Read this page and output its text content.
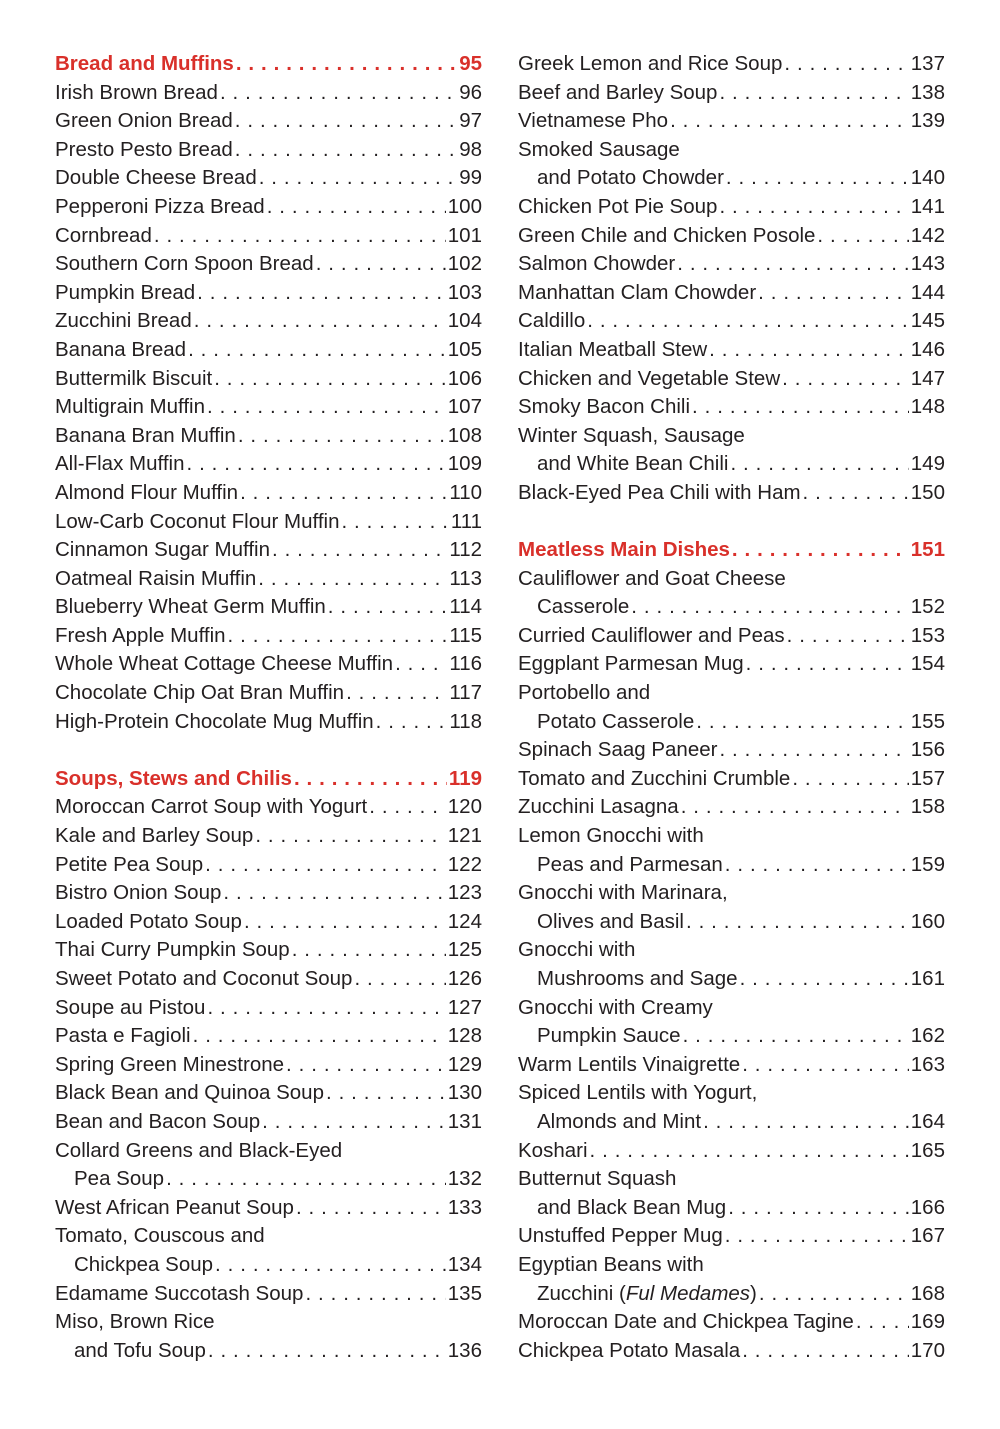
Bread and Muffins . . .	95
Irish Brown Bread . . .	96
Green Onion Bread . . .	97
Presto Pesto Bread . . .	98
Double Cheese Bread . . .	99
Pepperoni Pizza Bread . . .	100
Cornbread . . .	101
Southern Corn Spoon Bread . . .	102
Pumpkin Bread . . .	103
Zucchini Bread . . .	104
Banana Bread . . .	105
Buttermilk Biscuit . . .	106
Multigrain Muffin . . .	107
Banana Bran Muffin . . .	108
All-Flax Muffin . . .	109
Almond Flour Muffin . . .	110
Low-Carb Coconut Flour Muffin . . .	111
Cinnamon Sugar Muffin . . .	112
Oatmeal Raisin Muffin . . .	113
Blueberry Wheat Germ Muffin . . .	114
Fresh Apple Muffin . . .	115
Whole Wheat Cottage Cheese Muffin . . .	116
Chocolate Chip Oat Bran Muffin . . .	117
High-Protein Chocolate Mug Muffin . . .	118
Soups, Stews and Chilis . . .	119
Moroccan Carrot Soup with Yogurt . . .	120
Kale and Barley Soup . . .	121
Petite Pea Soup . . .	122
Bistro Onion Soup . . .	123
Loaded Potato Soup . . .	124
Thai Curry Pumpkin Soup . . .	125
Sweet Potato and Coconut Soup . . .	126
Soupe au Pistou . . .	127
Pasta e Fagioli . . .	128
Spring Green Minestrone . . .	129
Black Bean and Quinoa Soup . . .	130
Bean and Bacon Soup . . .	131
Collard Greens and Black-Eyed
Pea Soup . . .	132
West African Peanut Soup . . .	133
Tomato, Couscous and
Chickpea Soup . . .	134
Edamame Succotash Soup . . .	135
Miso, Brown Rice
and Tofu Soup . . .	136
Greek Lemon and Rice Soup . . .	137
Beef and Barley Soup . . .	138
Vietnamese Pho . . .	139
Smoked Sausage
and Potato Chowder . . .	140
Chicken Pot Pie Soup . . .	141
Green Chile and Chicken Posole . . .	142
Salmon Chowder . . .	143
Manhattan Clam Chowder . . .	144
Caldillo . . .	145
Italian Meatball Stew . . .	146
Chicken and Vegetable Stew . . .	147
Smoky Bacon Chili . . .	148
Winter Squash, Sausage
and White Bean Chili . . .	149
Black-Eyed Pea Chili with Ham . . .	150
Meatless Main Dishes . . .	151
Cauliflower and Goat Cheese
Casserole . . .	152
Curried Cauliflower and Peas . . .	153
Eggplant Parmesan Mug . . .	154
Portobello and
Potato Casserole . . .	155
Spinach Saag Paneer . . .	156
Tomato and Zucchini Crumble . . .	157
Zucchini Lasagna . . .	158
Lemon Gnocchi with
Peas and Parmesan . . .	159
Gnocchi with Marinara,
Olives and Basil . . .	160
Gnocchi with
Mushrooms and Sage . . .	161
Gnocchi with Creamy
Pumpkin Sauce . . .	162
Warm Lentils Vinaigrette . . .	163
Spiced Lentils with Yogurt,
Almonds and Mint . . .	164
Koshari . . .	165
Butternut Squash
and Black Bean Mug . . .	166
Unstuffed Pepper Mug . . .	167
Egyptian Beans with
Zucchini (Ful Medames) . . .	168
Moroccan Date and Chickpea Tagine . . .	169
Chickpea Potato Masala . . .	170
